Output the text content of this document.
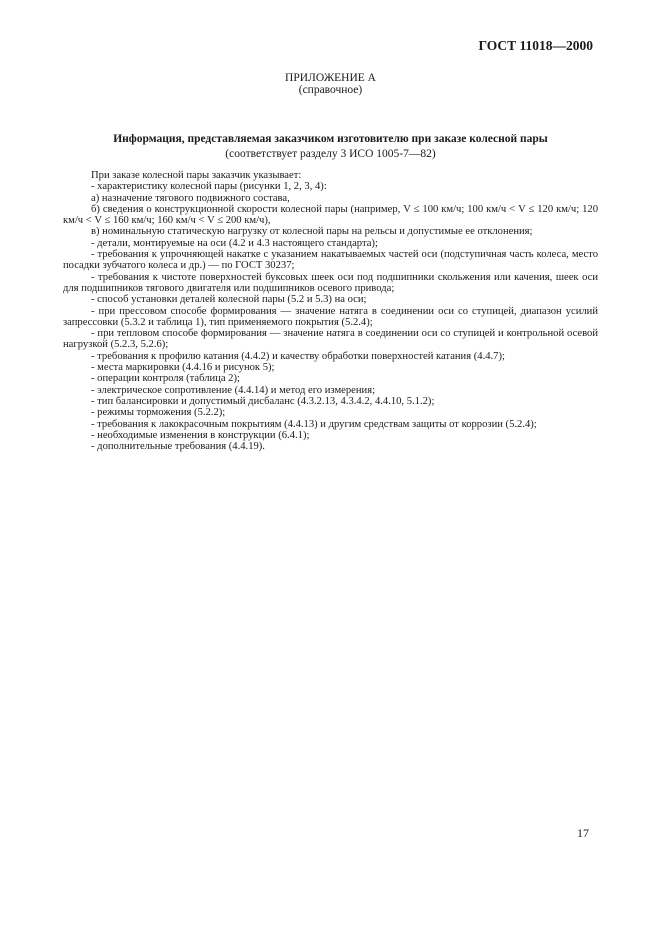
ГОСТ 11018—2000
ПРИЛОЖЕНИЕ А
(справочное)
Информация, представляемая заказчиком изготовителю при заказе колесной пары
(соответствует разделу 3 ИСО 1005-7—82)

При заказе колесной пары заказчик указывает:

- характеристику колесной пары (рисунки 1, 2, 3, 4):

а) назначение тягового подвижного состава,

б) сведения о конструкционной скорости колесной пары (например, V ≤ 100 км/ч; 100 км/ч < V ≤ 120 км/ч; 120 км/ч < V ≤ 160 км/ч; 160 км/ч < V ≤ 200 км/ч),

в) номинальную статическую нагрузку от колесной пары на рельсы и допустимые ее отклонения;

- детали, монтируемые на оси (4.2 и 4.3 настоящего стандарта);

- требования к упрочняющей накатке с указанием накатываемых частей оси (подступичная часть колеса, место посадки зубчатого колеса и др.) — по ГОСТ 30237;

- требования к чистоте поверхностей буксовых шеек оси под подшипники скольжения или качения, шеек оси для подшипников тягового двигателя или подшипников осевого привода;

- способ установки деталей колесной пары (5.2 и 5.3) на оси;

- при прессовом способе формирования — значение натяга в соединении оси со ступицей, диапазон усилий запрессовки (5.3.2 и таблица 1), тип применяемого покрытия (5.2.4);

- при тепловом способе формирования — значение натяга в соединении оси со ступицей и контрольной осевой нагрузкой (5.2.3, 5.2.6);

- требования к профилю катания (4.4.2) и качеству обработки поверхностей катания (4.4.7);

- места маркировки (4.4.16 и рисунок 5);

- операции контроля (таблица 2);

- электрическое сопротивление (4.4.14) и метод его измерения;

- тип балансировки и допустимый дисбаланс (4.3.2.13, 4.3.4.2, 4.4.10, 5.1.2);

- режимы торможения (5.2.2);

- требования к лакокрасочным покрытиям (4.4.13) и другим средствам защиты от коррозии (5.2.4);

- необходимые изменения в конструкции (6.4.1);

- дополнительные требования (4.4.19).

17
